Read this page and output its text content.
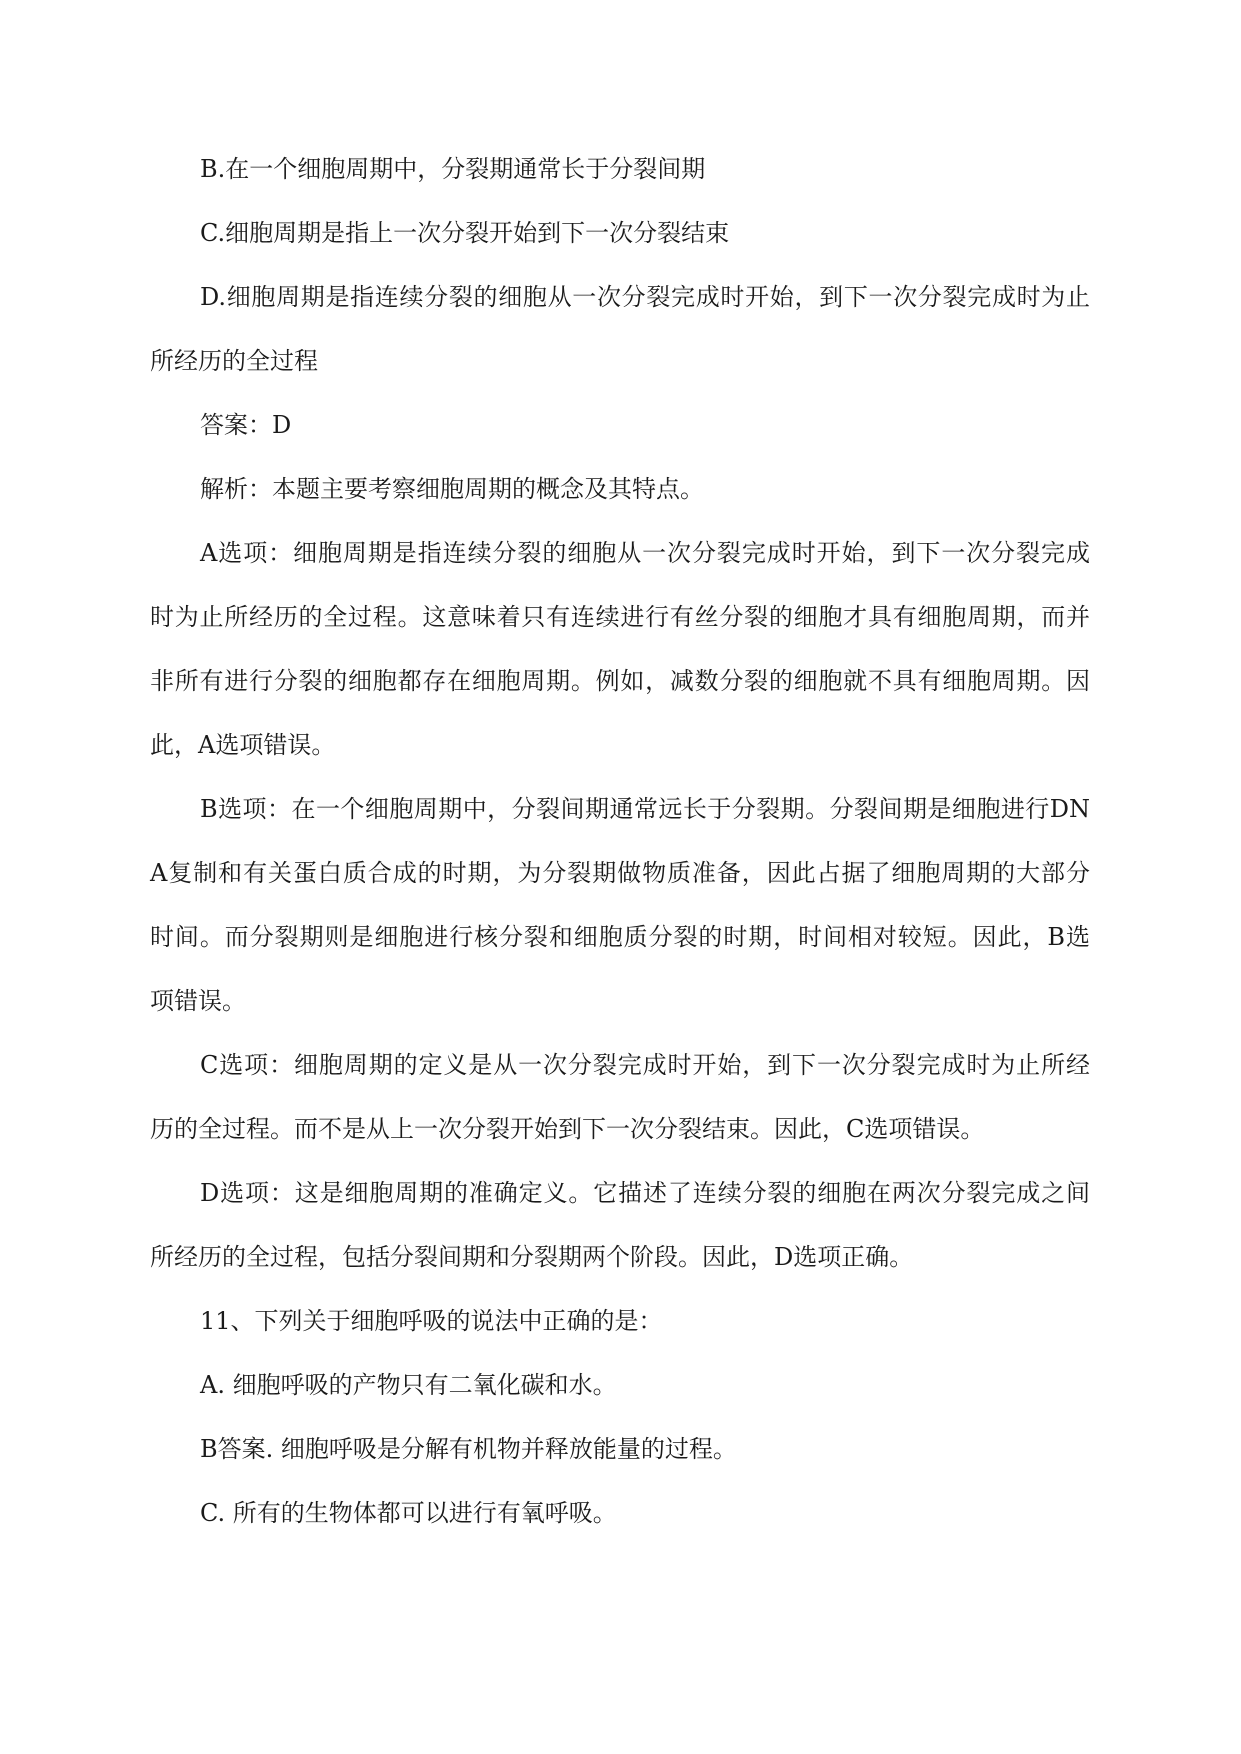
B.在一个细胞周期中，分裂期通常长于分裂间期

C.细胞周期是指上一次分裂开始到下一次分裂结束

D.细胞周期是指连续分裂的细胞从一次分裂完成时开始，到下一次分裂完成时为止
所经历的全过程

答案：D

解析：本题主要考察细胞周期的概念及其特点。

A选项：细胞周期是指连续分裂的细胞从一次分裂完成时开始，到下一次分裂完成
时为止所经历的全过程。这意味着只有连续进行有丝分裂的细胞才具有细胞周期，而并
非所有进行分裂的细胞都存在细胞周期。例如，减数分裂的细胞就不具有细胞周期。因
此，A选项错误。

B选项：在一个细胞周期中，分裂间期通常远长于分裂期。分裂间期是细胞进行DN
A复制和有关蛋白质合成的时期，为分裂期做物质准备，因此占据了细胞周期的大部分
时间。而分裂期则是细胞进行核分裂和细胞质分裂的时期，时间相对较短。因此，B选
项错误。

C选项：细胞周期的定义是从一次分裂完成时开始，到下一次分裂完成时为止所经
历的全过程。而不是从上一次分裂开始到下一次分裂结束。因此，C选项错误。

D选项：这是细胞周期的准确定义。它描述了连续分裂的细胞在两次分裂完成之间
所经历的全过程，包括分裂间期和分裂期两个阶段。因此，D选项正确。

11、下列关于细胞呼吸的说法中正确的是：

A. 细胞呼吸的产物只有二氧化碳和水。

B答案. 细胞呼吸是分解有机物并释放能量的过程。

C. 所有的生物体都可以进行有氧呼吸。
